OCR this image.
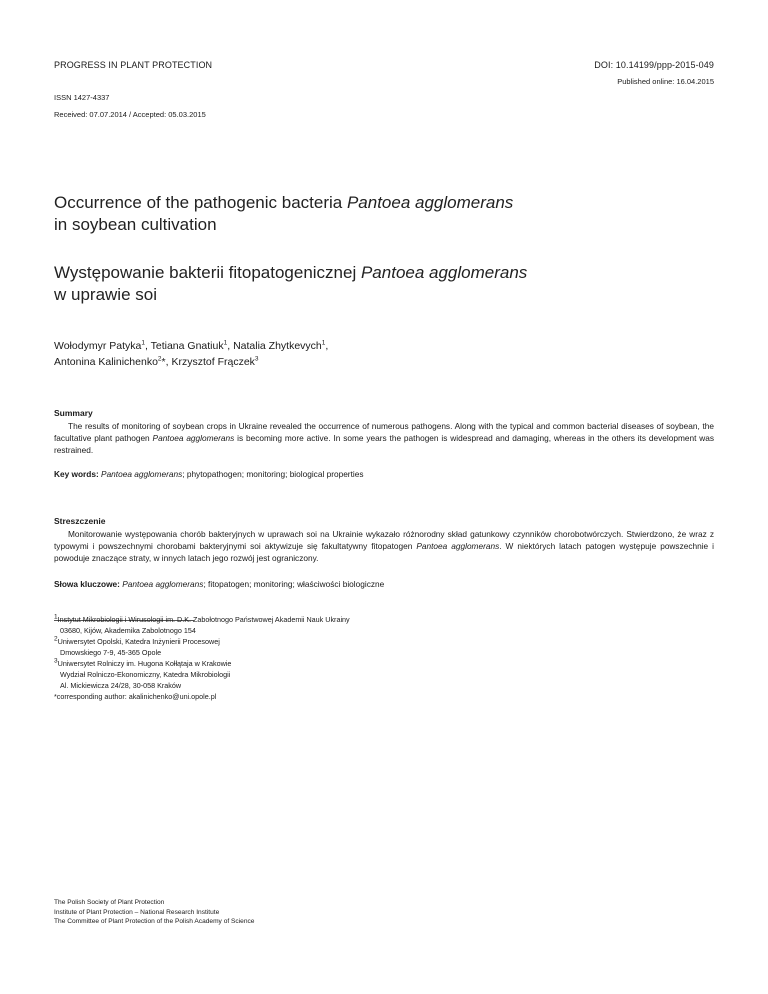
PROGRESS IN PLANT PROTECTION	DOI: 10.14199/ppp-2015-049
Published online: 16.04.2015
ISSN 1427-4337
Received: 07.07.2014 / Accepted: 05.03.2015
Occurrence of the pathogenic bacteria Pantoea agglomerans
in soybean cultivation
Występowanie bakterii fitopatogenicznej Pantoea agglomerans
w uprawie soi
Wołodymyr Patyka$^1$, Tetiana Gnatiuk$^1$, Natalia Zhytkevych$^1$,
Antonina Kalinichenko$^2$*, Krzysztof Frączek$^3$
Summary
The results of monitoring of soybean crops in Ukraine revealed the occurrence of numerous pathogens. Along with the typical and common bacterial diseases of soybean, the facultative plant pathogen Pantoea agglomerans is becoming more active. In some years the pathogen is widespread and damaging, whereas in the others its development was restrained.
Key words: Pantoea agglomerans; phytopathogen; monitoring; biological properties
Streszczenie
Monitorowanie występowania chorób bakteryjnych w uprawach soi na Ukrainie wykazało różnorodny skład gatunkowy czynników chorobotwórczych. Stwierdzono, że wraz z typowymi i powszechnymi chorobami bakteryjnymi soi aktywizuje się fakultatywny fitopatogen Pantoea agglomerans. W niektórych latach patogen występuje powszechnie i powoduje znaczące straty, w innych latach jego rozwój jest ograniczony.
Słowa kluczowe: Pantoea agglomerans; fitopatogen; monitoring; właściwości biologiczne
$^1$Instytut Mikrobiologii i Wirusologii im. D.K. Zabołotnogo Państwowej Akademii Nauk Ukrainy
03680, Kijów, Akademika Zabolotnogo 154
$^2$Uniwersytet Opolski, Katedra Inżynierii Procesowej
Dmowskiego 7-9, 45-365 Opole
$^3$Uniwersytet Rolniczy im. Hugona Kołłątaja w Krakowie
Wydział Rolniczo-Ekonomiczny, Katedra Mikrobiologii
Al. Mickiewicza 24/28, 30-058 Kraków
*corresponding author: akalinichenko@uni.opole.pl
The Polish Society of Plant Protection
Institute of Plant Protection – National Research Institute
The Committee of Plant Protection of the Polish Academy of Science
